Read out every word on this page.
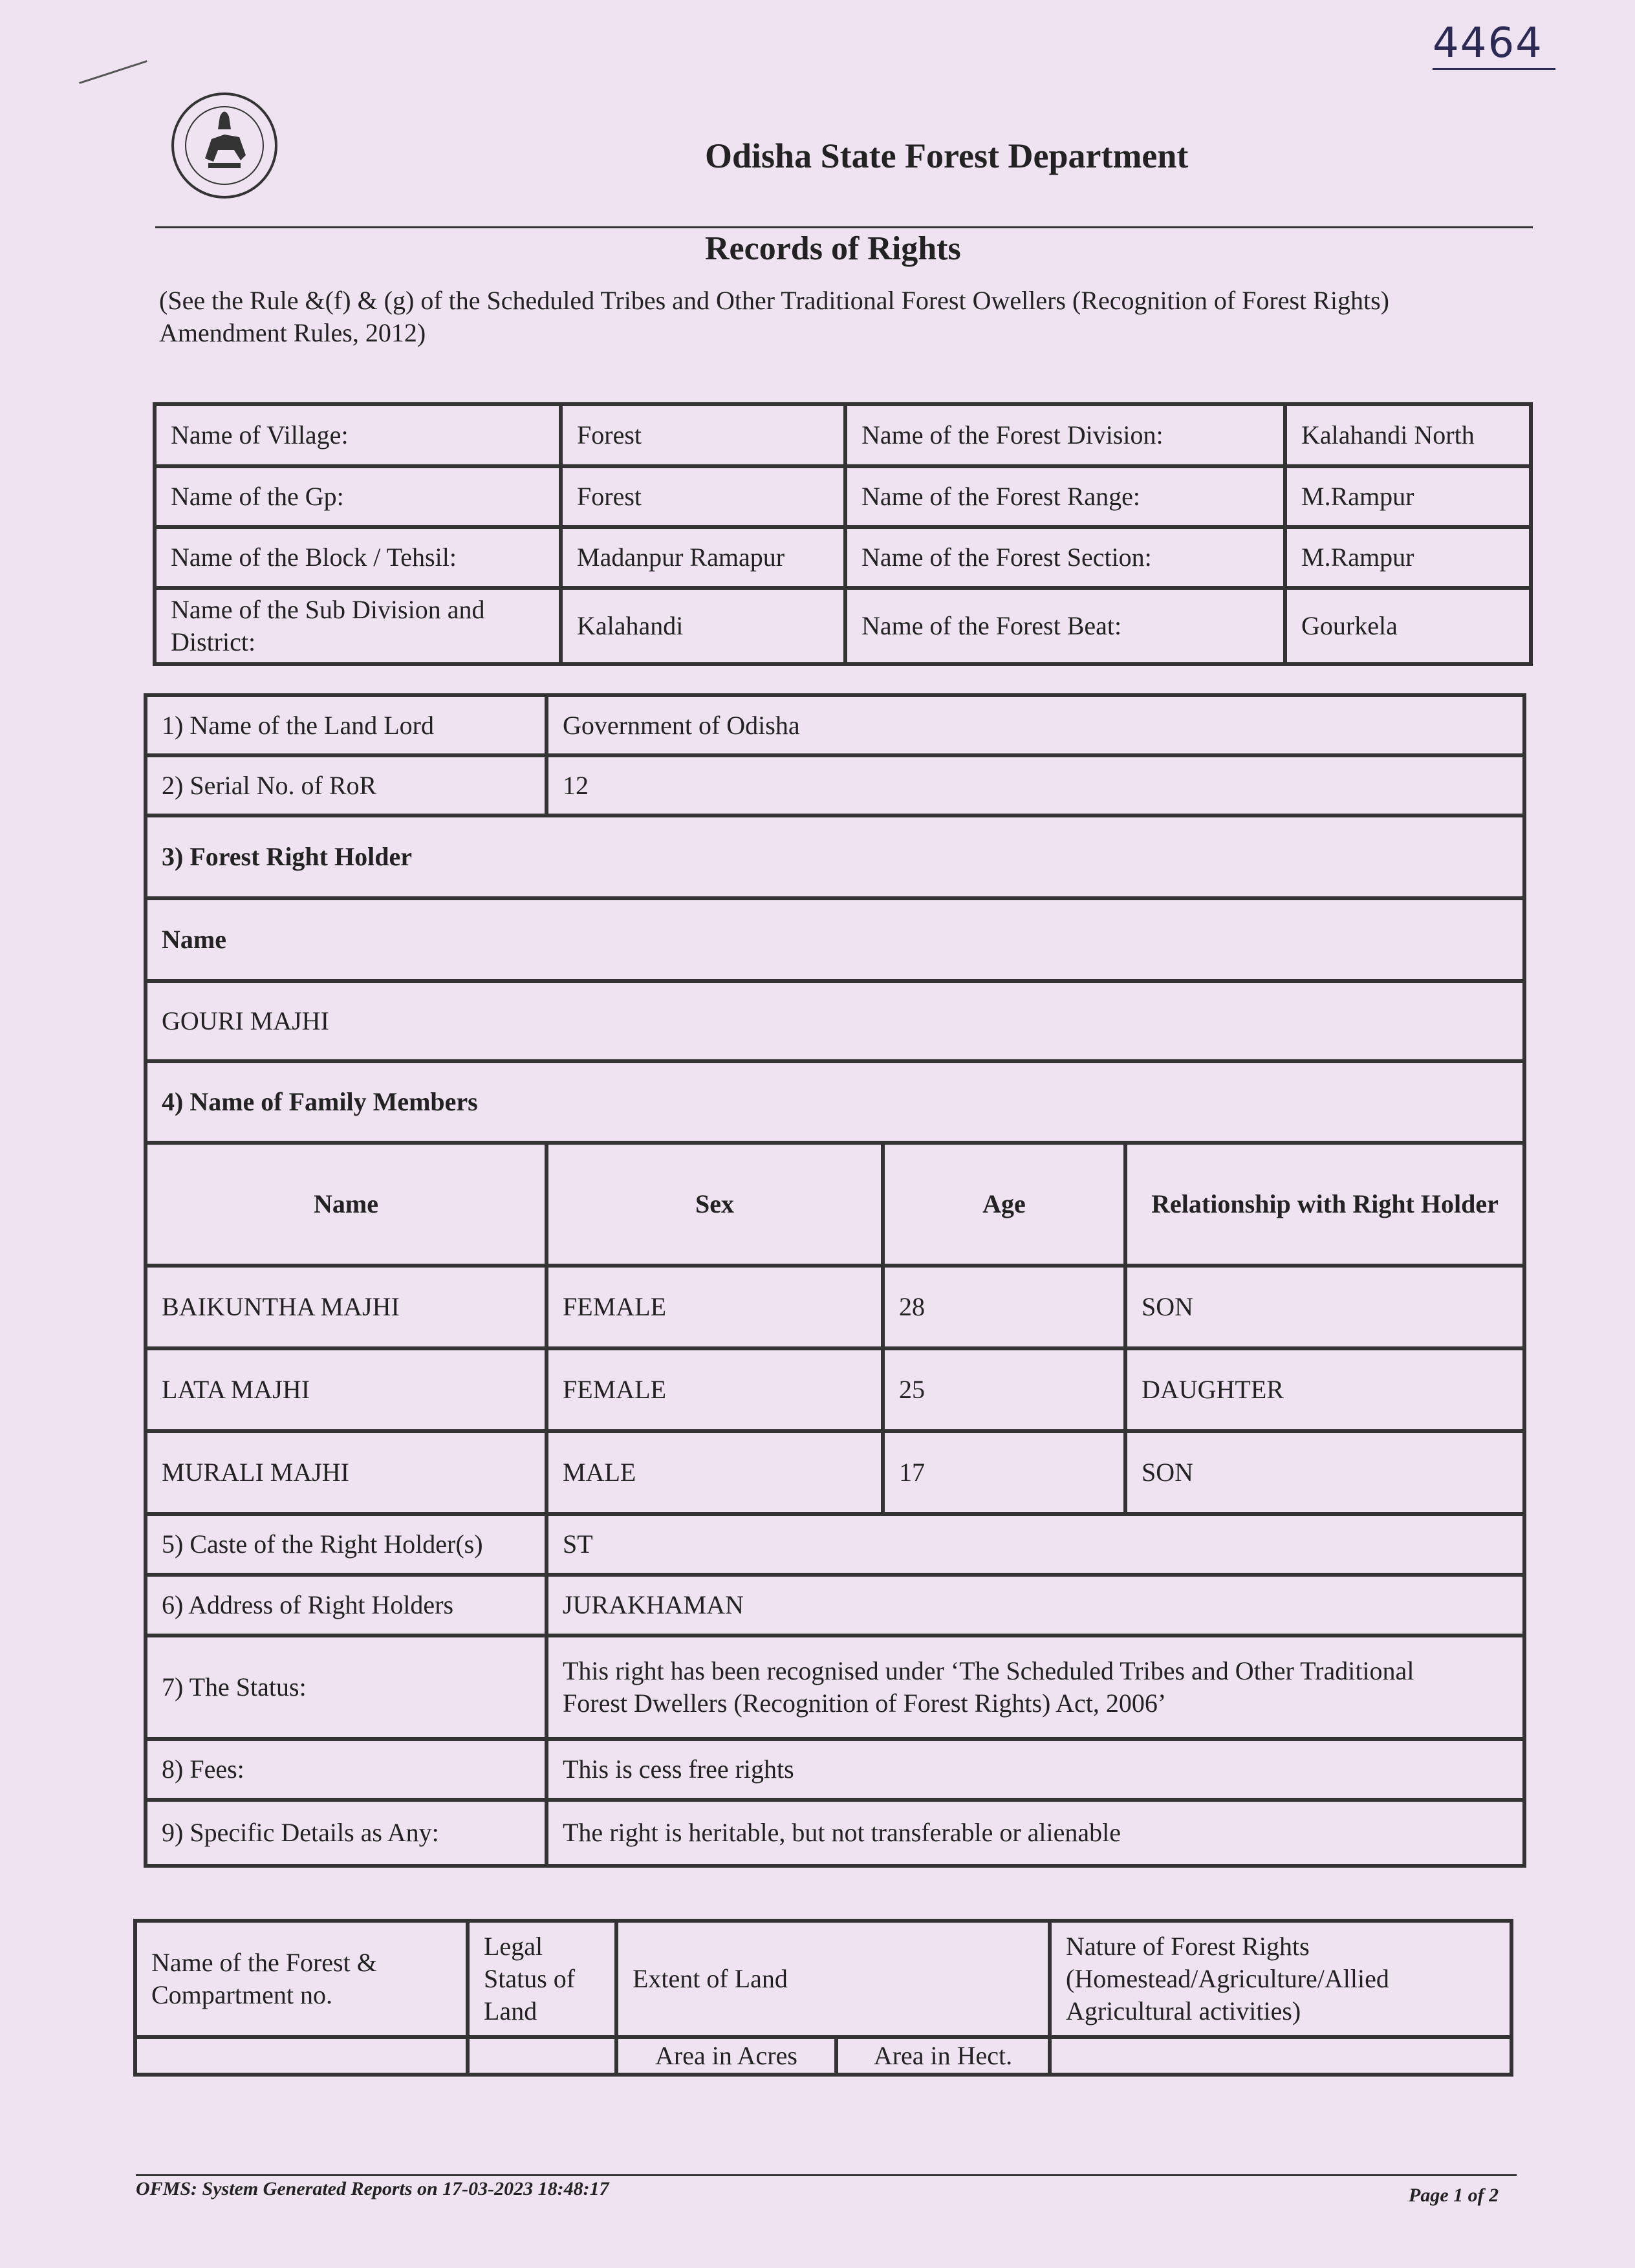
4464
Odisha State Forest Department
Records of Rights
(See the Rule &(f) & (g) of the Scheduled Tribes and Other Traditional Forest Owellers (Recognition of Forest Rights) Amendment Rules, 2012)
Name of Village:	Forest	Name of the Forest Division:	Kalahandi North
Name of the Gp:	Forest	Name of the Forest Range:	M.Rampur
Name of the Block / Tehsil:	Madanpur Ramapur	Name of the Forest Section:	M.Rampur
Name of the Sub Division and District:	Kalahandi	Name of the Forest Beat:	Gourkela
1) Name of the Land Lord	Government of Odisha		
2) Serial No. of RoR	12		
3) Forest Right Holder			
Name			
GOURI MAJHI			
4) Name of Family Members			
Name	Sex	Age	Relationship with Right Holder
BAIKUNTHA MAJHI	FEMALE	28	SON
LATA MAJHI	FEMALE	25	DAUGHTER
MURALI MAJHI	MALE	17	SON
5) Caste of the Right Holder(s)	ST		
6) Address of Right Holders	JURAKHAMAN		
7) The Status:	This right has been recognised under ‘The Scheduled Tribes and Other Traditional
Forest Dwellers (Recognition of Forest Rights) Act, 2006’		

8) Fees:	This is cess free rights		
9) Specific Details as Any:	The right is heritable, but not transferable or alienable		
Name of the Forest & Compartment no.	Legal Status of Land	Extent of Land		Nature of Forest Rights (Homestead/Agriculture/Allied Agricultural activities)
		Area in Acres	Area in Hect.	
OFMS: System Generated Reports on 17-03-2023 18:48:17	Page 1 of 2
